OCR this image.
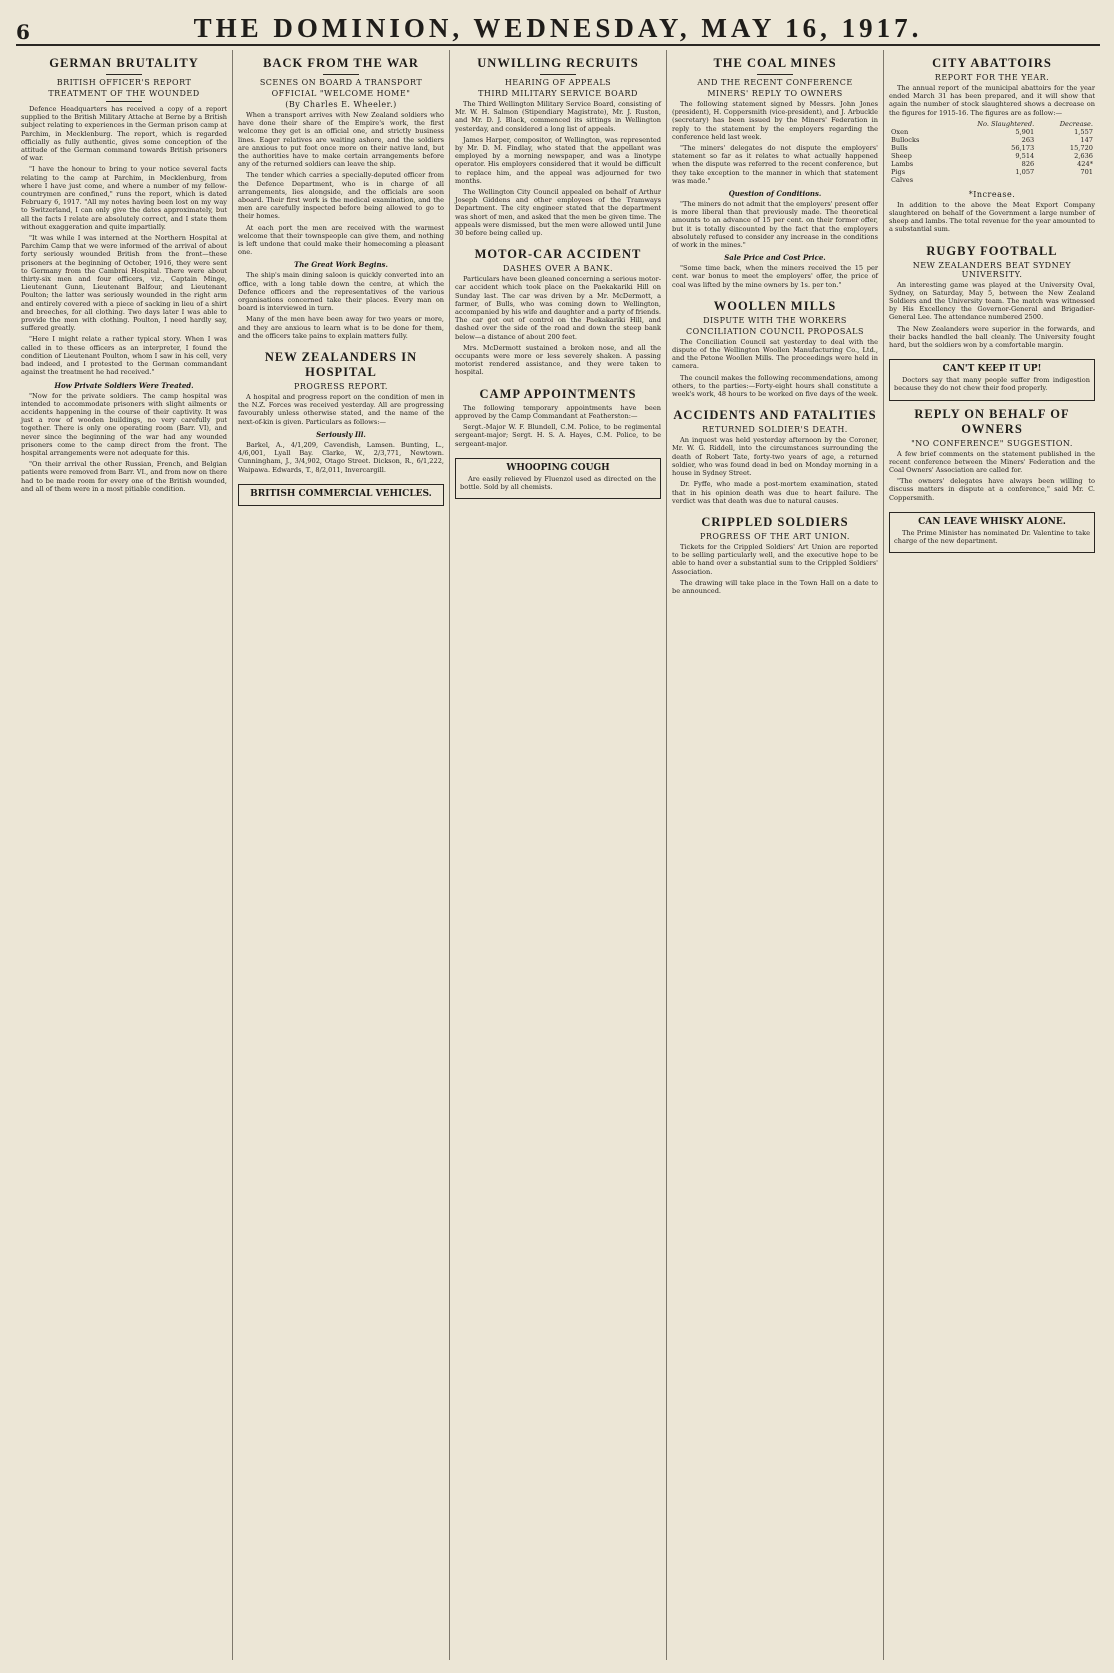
6	THE DOMINION, WEDNESDAY, MAY 16, 1917.
GERMAN BRUTALITY
BRITISH OFFICER'S REPORT
TREATMENT OF THE WOUNDED

Defence Headquarters has received a copy of a report supplied to the British Military Attache at Berne by a British subject relating to experiences in the German prison camp at Parchim, in Mecklenburg. The report, which is regarded officially as fully authentic, gives some conception of the attitude of the German command towards British prisoners of war.

"I have the honour to bring to your notice several facts relating to the camp at Parchim, in Mecklenburg, from where I have just come, and where a number of my fellow-countrymen are confined," runs the report, which is dated February 6, 1917. "All my notes having been lost on my way to Switzerland, I can only give the dates approximately, but all the facts I relate are absolutely correct, and I state them without exaggeration and quite impartially.

"It was while I was interned at the Northern Hospital at Parchim Camp that we were informed of the arrival of about forty seriously wounded British from the front—these prisoners at the beginning of October, 1916, they were sent to Germany from the Cambrai Hospital. There were about thirty-six men and four officers, viz., Captain Minge, Lieutenant Gunn, Lieutenant Balfour, and Lieutenant Poulton; the latter was seriously wounded in the right arm and entirely covered with a piece of sacking in lieu of a shirt and breeches, for all clothing. Two days later I was able to provide the men with clothing. Poulton, I need hardly say, suffered greatly.

"Here I might relate a rather typical story. When I was called in to these officers as an interpreter, I found the condition of Lieutenant Poulton, whom I saw in his cell, very bad indeed, and I protested to the German commandant against the treatment he had received."

How Private Soldiers Were Treated.

"Now for the private soldiers. The camp hospital was intended to accommodate prisoners with slight ailments or accidents happening in the course of their captivity. It was just a row of wooden buildings, no very carefully put together. There is only one operating room (Barr. VI), and never since the beginning of the war had any wounded prisoners come to the camp direct from the front. The hospital arrangements were not adequate for this.

"On their arrival the other Russian, French, and Belgian patients were removed from Barr. VI., and from now on there had to be made room for every one of the British wounded, and all of them were in a most pitiable condition.

BACK FROM THE WAR
SCENES ON BOARD A TRANSPORT
OFFICIAL "WELCOME HOME"
(By Charles E. Wheeler.)

When a transport arrives with New Zealand soldiers who have done their share of the Empire's work, the first welcome they get is an official one, and strictly business lines. Eager relatives are waiting ashore, and the soldiers are anxious to put foot once more on their native land, but the authorities have to make certain arrangements before any of the returned soldiers can leave the ship.

The tender which carries a specially-deputed officer from the Defence Department, who is in charge of all arrangements, lies alongside, and the officials are soon aboard. Their first work is the medical examination, and the men are carefully inspected before being allowed to go to their homes.

At each port the men are received with the warmest welcome that their townspeople can give them, and nothing is left undone that could make their homecoming a pleasant one.

The Great Work Begins.

The ship's main dining saloon is quickly converted into an office, with a long table down the centre, at which the Defence officers and the representatives of the various organisations concerned take their places. Every man on board is interviewed in turn.

Many of the men have been away for two years or more, and they are anxious to learn what is to be done for them, and the officers take pains to explain matters fully.

NEW ZEALANDERS IN HOSPITAL
PROGRESS REPORT.

A hospital and progress report on the condition of men in the N.Z. Forces was received yesterday. All are progressing favourably unless otherwise stated, and the name of the next-of-kin is given. Particulars as follows:—

Seriously Ill.

Barkel, A., 4/1,209, Cavendish, Lamsen. Bunting, L., 4/6,001, Lyall Bay. Clarke, W., 2/3,771, Newtown. Cunningham, J., 3/4,902, Otago Street. Dickson, R., 6/1,222, Waipawa. Edwards, T., 8/2,011, Invercargill.

BRITISH COMMERCIAL VEHICLES.
UNWILLING RECRUITS
HEARING OF APPEALS
THIRD MILITARY SERVICE BOARD

The Third Wellington Military Service Board, consisting of Mr. W. H. Salmon (Stipendiary Magistrate), Mr. J. Ruston, and Mr. D. J. Black, commenced its sittings in Wellington yesterday, and considered a long list of appeals.

James Harper, compositor, of Wellington, was represented by Mr. D. M. Findlay, who stated that the appellant was employed by a morning newspaper, and was a linotype operator. His employers considered that it would be difficult to replace him, and the appeal was adjourned for two months.

The Wellington City Council appealed on behalf of Arthur Joseph Giddens and other employees of the Tramways Department. The city engineer stated that the department was short of men, and asked that the men be given time. The appeals were dismissed, but the men were allowed until June 30 before being called up.

MOTOR-CAR ACCIDENT
DASHES OVER A BANK.

Particulars have been gleaned concerning a serious motor-car accident which took place on the Paekakariki Hill on Sunday last. The car was driven by a Mr. McDermott, a farmer, of Bulls, who was coming down to Wellington, accompanied by his wife and daughter and a party of friends. The car got out of control on the Paekakariki Hill, and dashed over the side of the road and down the steep bank below—a distance of about 200 feet.

Mrs. McDermott sustained a broken nose, and all the occupants were more or less severely shaken. A passing motorist rendered assistance, and they were taken to hospital.

CAMP APPOINTMENTS

The following temporary appointments have been approved by the Camp Commandant at Featherston:—

Sergt.-Major W. F. Blundell, C.M. Police, to be regimental sergeant-major; Sergt. H. S. A. Hayes, C.M. Police, to be sergeant-major.

WHOOPING COUGH

Are easily relieved by Fluenzol used as directed on the bottle. Sold by all chemists.

THE COAL MINES
AND THE RECENT CONFERENCE
MINERS' REPLY TO OWNERS

The following statement signed by Messrs. John Jones (president), H. Coppersmith (vice-president), and J. Arbuckle (secretary) has been issued by the Miners' Federation in reply to the statement by the employers regarding the conference held last week.

"The miners' delegates do not dispute the employers' statement so far as it relates to what actually happened when the dispute was referred to the recent conference, but they take exception to the manner in which that statement was made."

Question of Conditions.

"The miners do not admit that the employers' present offer is more liberal than that previously made. The theoretical amounts to an advance of 15 per cent. on their former offer, but it is totally discounted by the fact that the employers absolutely refused to consider any increase in the conditions of work in the mines."

Sale Price and Cost Price.

"Some time back, when the miners received the 15 per cent. war bonus to meet the employers' offer, the price of coal was lifted by the mine owners by 1s. per ton."

WOOLLEN MILLS
DISPUTE WITH THE WORKERS
CONCILIATION COUNCIL PROPOSALS

The Conciliation Council sat yesterday to deal with the dispute of the Wellington Woollen Manufacturing Co., Ltd., and the Petone Woollen Mills. The proceedings were held in camera.

The council makes the following recommendations, among others, to the parties:—Forty-eight hours shall constitute a week's work, 48 hours to be worked on five days of the week.

ACCIDENTS AND FATALITIES
RETURNED SOLDIER'S DEATH.

An inquest was held yesterday afternoon by the Coroner, Mr. W. G. Riddell, into the circumstances surrounding the death of Robert Tate, forty-two years of age, a returned soldier, who was found dead in bed on Monday morning in a house in Sydney Street.

Dr. Fyffe, who made a post-mortem examination, stated that in his opinion death was due to heart failure. The verdict was that death was due to natural causes.

CRIPPLED SOLDIERS
PROGRESS OF THE ART UNION.

Tickets for the Crippled Soldiers' Art Union are reported to be selling particularly well, and the executive hope to be able to hand over a substantial sum to the Crippled Soldiers' Association.

The drawing will take place in the Town Hall on a date to be announced.

CITY ABATTOIRS
REPORT FOR THE YEAR.

The annual report of the municipal abattoirs for the year ended March 31 has been prepared, and it will show that again the number of stock slaughtered shows a decrease on the figures for 1915-16. The figures are as follow:—

	No. Slaughtered.	Decrease.
Oxen	5,901	1,557
Bullocks	263	147
Bulls	56,173	15,720
Sheep	9,514	2,636
Lambs	826	424*
Pigs	1,057	701
Calves		
*Increase.

In addition to the above the Meat Export Company slaughtered on behalf of the Government a large number of sheep and lambs. The total revenue for the year amounted to a substantial sum.

RUGBY FOOTBALL
NEW ZEALANDERS BEAT SYDNEY UNIVERSITY.

An interesting game was played at the University Oval, Sydney, on Saturday, May 5, between the New Zealand Soldiers and the University team. The match was witnessed by His Excellency the Governor-General and Brigadier-General Lee. The attendance numbered 2500.

The New Zealanders were superior in the forwards, and their backs handled the ball cleanly. The University fought hard, but the soldiers won by a comfortable margin.

CAN'T KEEP IT UP!

Doctors say that many people suffer from indigestion because they do not chew their food properly.

REPLY ON BEHALF OF OWNERS
"NO CONFERENCE" SUGGESTION.

A few brief comments on the statement published in the recent conference between the Miners' Federation and the Coal Owners' Association are called for.

"The owners' delegates have always been willing to discuss matters in dispute at a conference," said Mr. C. Coppersmith.

CAN LEAVE WHISKY ALONE.

The Prime Minister has nominated Dr. Valentine to take charge of the new department.
